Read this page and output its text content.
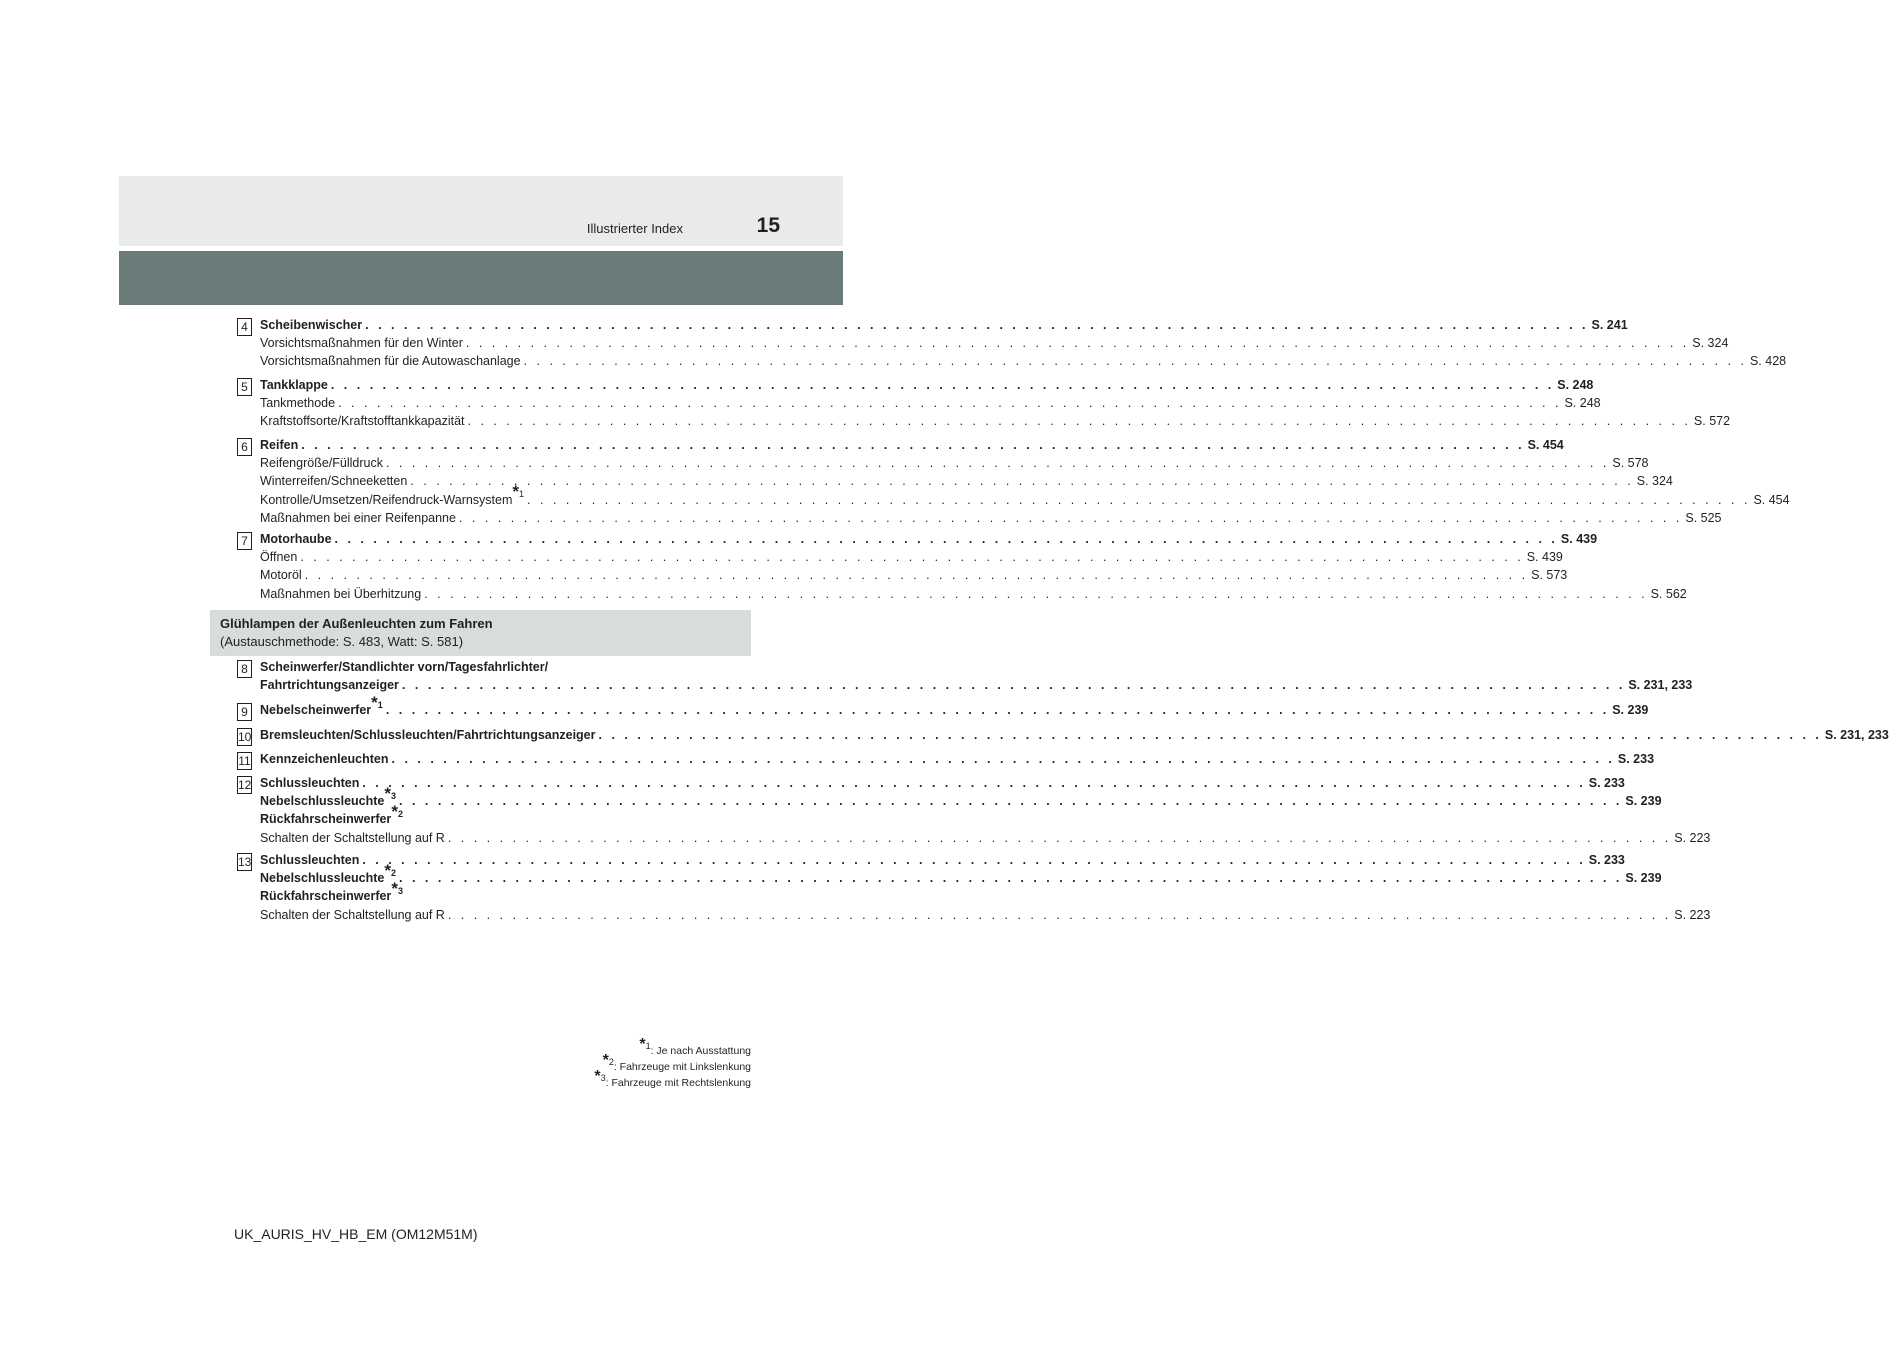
Illustrierter Index	15
4 Scheibenwischer . . .	S. 241
Vorsichtsmaßnahmen für den Winter . . .	S. 324
Vorsichtsmaßnahmen für die Autowaschanlage . . .	S. 428
5 Tankklappe . . .	S. 248
Tankmethode . . .	S. 248
Kraftstoffsorte/Kraftstofftankkapazität . . .	S. 572
6 Reifen . . .	S. 454
Reifengröße/Fülldruck . . .	S. 578
Winterreifen/Schneeketten . . .	S. 324
Kontrolle/Umsetzen/Reifendruck-Warnsystem$^{*1}$ . . .	S. 454
Maßnahmen bei einer Reifenpanne . . .	S. 525
7 Motorhaube . . .	S. 439
Öffnen . . .	S. 439
Motoröl . . .	S. 573
Maßnahmen bei Überhitzung . . .	S. 562
Glühlampen der Außenleuchten zum Fahren
(Austauschmethode: S. 483, Watt: S. 581)
8 Scheinwerfer/Standlichter vorn/Tagesfahrlichter/
Fahrtrichtungsanzeiger . . .	S. 231, 233
9 Nebelscheinwerfer$^{*1}$ . . .	S. 239
10 Bremsleuchten/Schlussleuchten/Fahrtrichtungsanzeiger . . .	S. 231, 233
11 Kennzeichenleuchten . . .	S. 233
12 Schlussleuchten . . .	S. 233
Nebelschlussleuchte$^{*3}$ . . .	S. 239
Rückfahrscheinwerfer$^{*2}$
Schalten der Schaltstellung auf R . . .	S. 223
13 Schlussleuchten . . .	S. 233
Nebelschlussleuchte$^{*2}$ . . .	S. 239
Rückfahrscheinwerfer$^{*3}$
Schalten der Schaltstellung auf R . . .	S. 223
$^{*1}$: Je nach Ausstattung
$^{*2}$: Fahrzeuge mit Linkslenkung
$^{*3}$: Fahrzeuge mit Rechtslenkung
UK_AURIS_HV_HB_EM (OM12M51M)
